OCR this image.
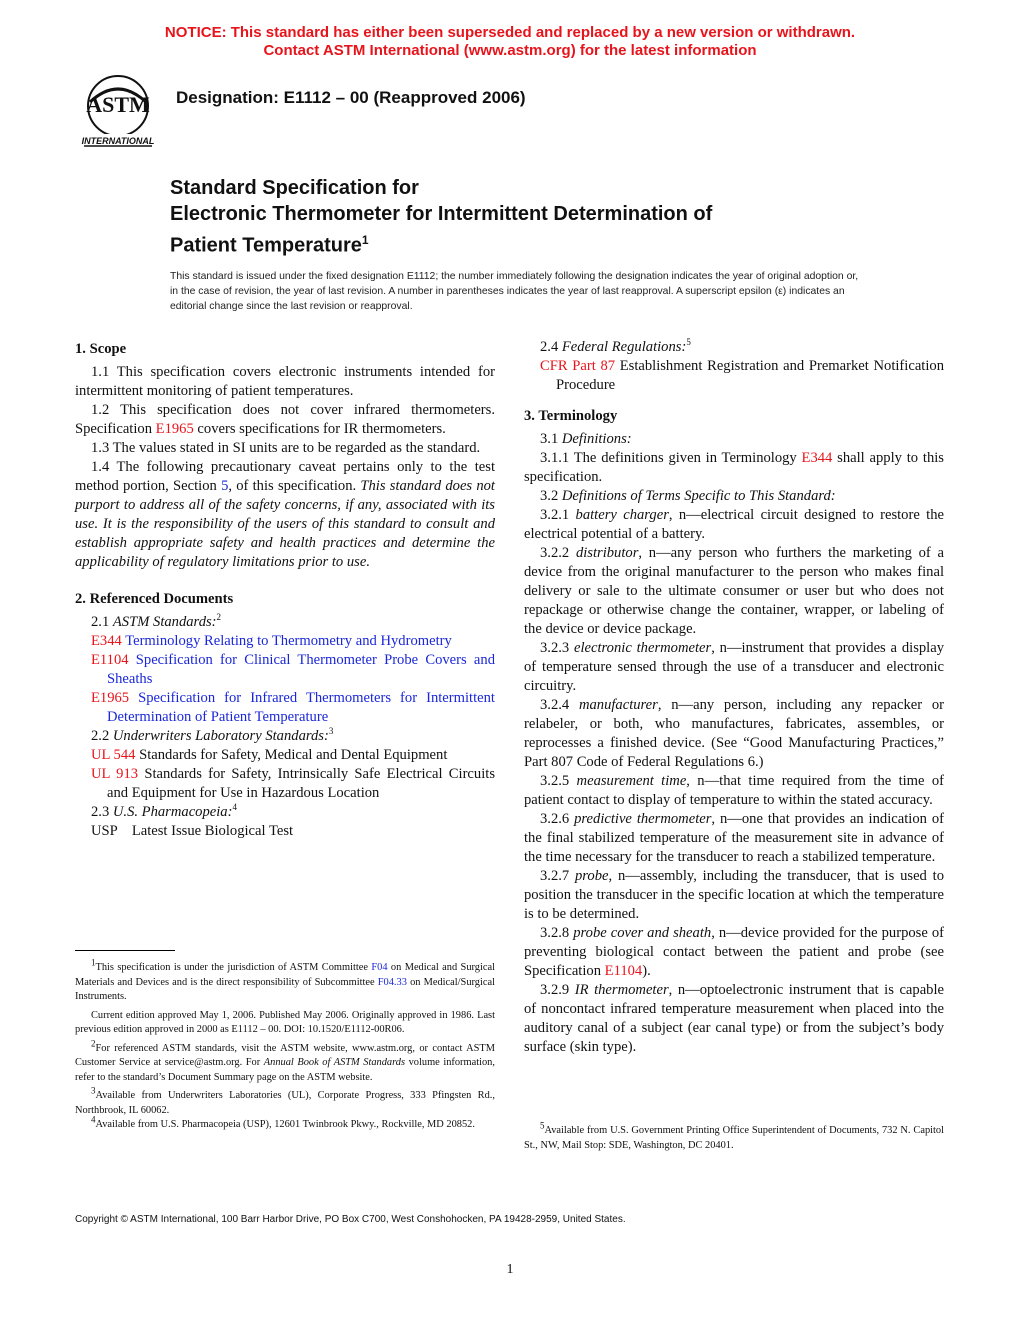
NOTICE: This standard has either been superseded and replaced by a new version or withdrawn.
Contact ASTM International (www.astm.org) for the latest information
ASTM
INTERNATIONAL
Designation: E1112 – 00 (Reapproved 2006)
Standard Specification for
Electronic Thermometer for Intermittent Determination of
Patient Temperature$^1$
This standard is issued under the fixed designation E1112; the number immediately following the designation indicates the year of original adoption or, in the case of revision, the year of last revision. A number in parentheses indicates the year of last reapproval. A superscript epsilon (ε) indicates an editorial change since the last revision or reapproval.

1. Scope

1.1 This specification covers electronic instruments intended for intermittent monitoring of patient temperatures.

1.2 This specification does not cover infrared thermometers. Specification E1965 covers specifications for IR thermometers.

1.3 The values stated in SI units are to be regarded as the standard.

1.4 The following precautionary caveat pertains only to the test method portion, Section 5, of this specification. This standard does not purport to address all of the safety concerns, if any, associated with its use. It is the responsibility of the users of this standard to consult and establish appropriate safety and health practices and determine the applicability of regulatory limitations prior to use.

2. Referenced Documents

2.1 ASTM Standards:$^2$

E344 Terminology Relating to Thermometry and Hydrometry

E1104 Specification for Clinical Thermometer Probe Covers and Sheaths

E1965 Specification for Infrared Thermometers for Intermittent Determination of Patient Temperature

2.2 Underwriters Laboratory Standards:$^3$

UL 544 Standards for Safety, Medical and Dental Equipment

UL 913 Standards for Safety, Intrinsically Safe Electrical Circuits and Equipment for Use in Hazardous Location

2.3 U.S. Pharmacopeia:$^4$

USP    Latest Issue Biological Test

$^1$This specification is under the jurisdiction of ASTM Committee F04 on Medical and Surgical Materials and Devices and is the direct responsibility of Subcommittee F04.33 on Medical/Surgical Instruments.

Current edition approved May 1, 2006. Published May 2006. Originally approved in 1986. Last previous edition approved in 2000 as E1112 – 00. DOI: 10.1520/E1112-00R06.

$^2$For referenced ASTM standards, visit the ASTM website, www.astm.org, or contact ASTM Customer Service at service@astm.org. For Annual Book of ASTM Standards volume information, refer to the standard’s Document Summary page on the ASTM website.

$^3$Available from Underwriters Laboratories (UL), Corporate Progress, 333 Pfingsten Rd., Northbrook, IL 60062.

$^4$Available from U.S. Pharmacopeia (USP), 12601 Twinbrook Pkwy., Rockville, MD 20852.

2.4 Federal Regulations:$^5$

CFR Part 87 Establishment Registration and Premarket Notification Procedure

3. Terminology

3.1 Definitions:

3.1.1 The definitions given in Terminology E344 shall apply to this specification.

3.2 Definitions of Terms Specific to This Standard:

3.2.1 battery charger, n—electrical circuit designed to restore the electrical potential of a battery.

3.2.2 distributor, n—any person who furthers the marketing of a device from the original manufacturer to the person who makes final delivery or sale to the ultimate consumer or user but who does not repackage or otherwise change the container, wrapper, or labeling of the device or device package.

3.2.3 electronic thermometer, n—instrument that provides a display of temperature sensed through the use of a transducer and electronic circuitry.

3.2.4 manufacturer, n—any person, including any repacker or relabeler, or both, who manufactures, fabricates, assembles, or reprocesses a finished device. (See “Good Manufacturing Practices,” Part 807 Code of Federal Regulations 6.)

3.2.5 measurement time, n—that time required from the time of patient contact to display of temperature to within the stated accuracy.

3.2.6 predictive thermometer, n—one that provides an indication of the final stabilized temperature of the measurement site in advance of the time necessary for the transducer to reach a stabilized temperature.

3.2.7 probe, n—assembly, including the transducer, that is used to position the transducer in the specific location at which the temperature is to be determined.

3.2.8 probe cover and sheath, n—device provided for the purpose of preventing biological contact between the patient and probe (see Specification E1104).

3.2.9 IR thermometer, n—optoelectronic instrument that is capable of noncontact infrared temperature measurement when placed into the auditory canal of a subject (ear canal type) or from the subject’s body surface (skin type).

$^5$Available from U.S. Government Printing Office Superintendent of Documents, 732 N. Capitol St., NW, Mail Stop: SDE, Washington, DC 20401.

Copyright © ASTM International, 100 Barr Harbor Drive, PO Box C700, West Conshohocken, PA 19428-2959, United States.
1
